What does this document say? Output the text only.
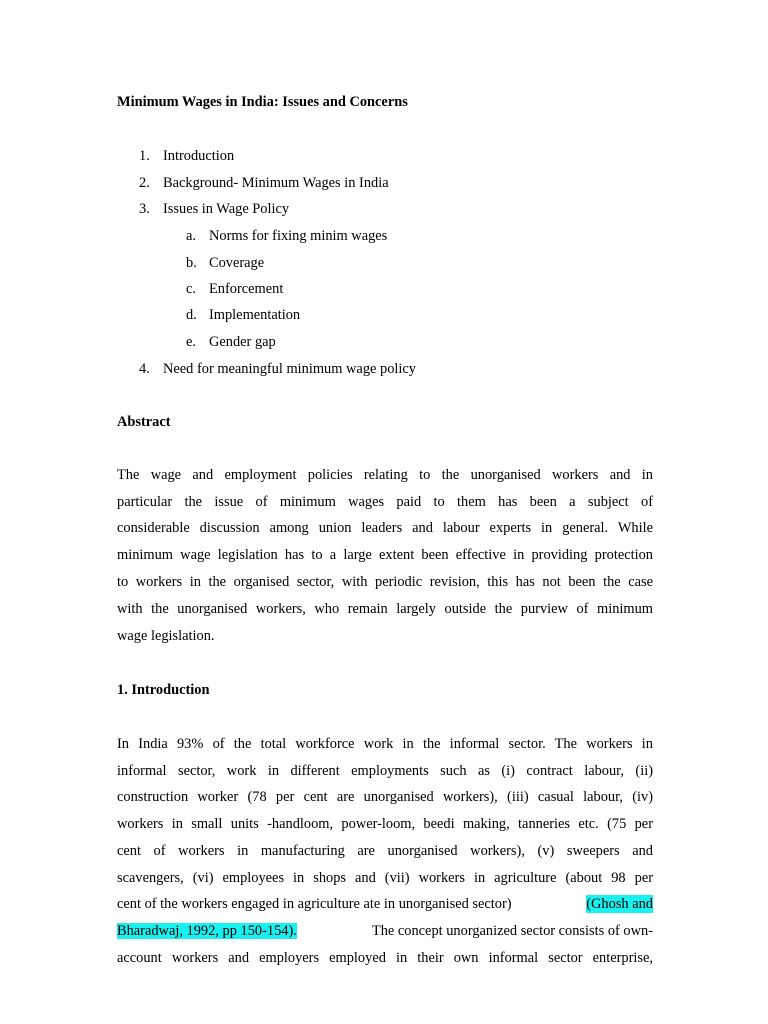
Minimum Wages in India: Issues and Concerns
1. Introduction
2. Background- Minimum Wages in India
3. Issues in Wage Policy
a. Norms for fixing minim wages
b. Coverage
c. Enforcement
d. Implementation
e. Gender gap
4. Need for meaningful minimum wage policy
Abstract
The wage and employment policies relating to the unorganised workers and in
particular the issue of minimum wages paid to them has been a subject of
considerable discussion among union leaders and labour experts in general. While
minimum wage legislation has to a large extent been effective in providing protection
to workers in the organised sector, with periodic revision, this has not been the case
with the unorganised workers, who remain largely outside the purview of minimum
wage legislation.
1. Introduction
In India 93% of the total workforce work in the informal sector. The workers in
informal sector, work in different employments such as (i) contract labour, (ii)
construction worker (78 per cent are unorganised workers), (iii) casual labour, (iv)
workers in small units -handloom, power-loom, beedi making, tanneries etc. (75 per
cent of workers in manufacturing are unorganised workers), (v) sweepers and
scavengers, (vi) employees in shops and (vii) workers in agriculture (about 98 per
cent of the workers engaged in agriculture ate in unorganised sector)	(Ghosh and
Bharadwaj, 1992, pp 150-154).	The concept unorganized sector consists of own-
account workers and employers employed in their own informal sector enterprise,
